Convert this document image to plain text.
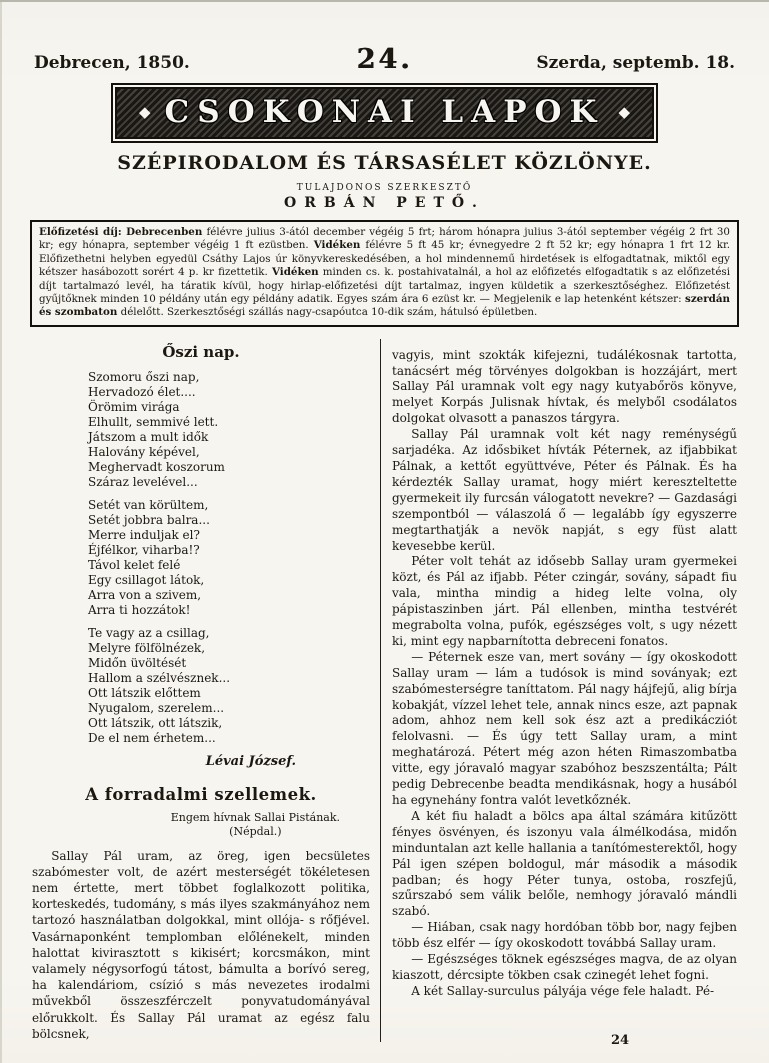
Debrecen, 1850.	24.	Szerda, septemb. 18.
◆ CSOKONAI LAPOK ◆
SZÉPIRODALOM ÉS TÁRSASÉLET KÖZLÖNYE.
TULAJDONOS SZERKESZTŐ
ORBÁN PETŐ.
Előfizetési díj: Debrecenben félévre julius 3-ától december végéig 5 frt; három hónapra julius 3-ától september végéig 2 frt 30 kr; egy hónapra, september végéig 1 ft ezüstben. Vidéken félévre 5 ft 45 kr; évnegyedre 2 ft 52 kr; egy hónapra 1 frt 12 kr. Előfizethetni helyben egyedül Csáthy Lajos úr könyvkereskedésében, a hol mindennemű hirdetések is elfogadtatnak, miktől egy kétszer hasábozott sorért 4 p. kr fizettetik. Vidéken minden cs. k. postahivatalnál, a hol az előfizetés elfogadtatik s az előfizetési díjt tartalmazó levél, ha táratik kívül, hogy hirlap-előfizetési díjt tartalmaz, ingyen küldetik a szerkesztőséghez. Előfizetést gyűjtőknek minden 10 példány után egy példány adatik. Egyes szám ára 6 ezüst kr. — Megjelenik e lap hetenként kétszer: szerdán és szombaton délelőtt. Szerkesztőségi szállás nagy-csapóutca 10-dik szám, hátulsó épületben.
Őszi nap.
Szomoru őszi nap,
Hervadozó élet....
Örömim virága
Elhullt, semmivé lett.
Játszom a mult idők
Halovány képével,
Meghervadt koszorum
Száraz levelével...
Setét van körültem,
Setét jobbra balra...
Merre induljak el?
Éjfélkor, viharba!?
Távol kelet felé
Egy csillagot látok,
Arra von a szivem,
Arra ti hozzátok!
Te vagy az a csillag,
Melyre fölfölnézek,
Midőn üvöltését
Hallom a szélvésznek...
Ott látszik előttem
Nyugalom, szerelem...
Ott látszik, ott látszik,
De el nem érhetem...
Lévai József.
A forradalmi szellemek.
Engem hívnak Sallai Pistának.
(Népdal.)

Sallay Pál uram, az öreg, igen becsületes szabómester volt, de azért mesterségét tökéletesen nem értette, mert többet foglalkozott politika, korteskedés, tudomány, s más ilyes szakmányához nem tartozó használatban dolgokkal, mint ollója- s rőfjével. Vasárnaponként templomban előlénekelt, minden halottat kivirasztott s kikisért; korcsmákon, mint valamely négysorfogú tátost, bámulta a borívó sereg, ha kalendáriom, csízió s más nevezetes irodalmi művekből összeszférczelt ponyvatudományával előrukkolt. És Sallay Pál uramat az egész falu bölcsnek,

vagyis, mint szokták kifejezni, tudálékosnak tartotta, tanácsért még törvényes dolgokban is hozzájárt, mert Sallay Pál uramnak volt egy nagy kutyabőrös könyve, melyet Korpás Julisnak hívtak, és melyből csodálatos dolgokat olvasott a panaszos tárgyra.

Sallay Pál uramnak volt két nagy reménységű sarjadéka. Az idősbiket hívták Péternek, az ifjabbikat Pálnak, a kettőt együttvéve, Péter és Pálnak. És ha kérdezték Sallay uramat, hogy miért kereszteltette gyermekeit ily furcsán válogatott nevekre? — Gazdasági szempontból — válaszolá ő — legalább így egyszerre megtarthatják a nevök napját, s egy füst alatt kevesebbe kerül.

Péter volt tehát az idősebb Sallay uram gyermekei közt, és Pál az ifjabb. Péter czingár, sovány, sápadt fiu vala, mintha mindig a hideg lelte volna, oly pápistaszinben járt. Pál ellenben, mintha testvérét megrabolta volna, pufók, egészséges volt, s ugy nézett ki, mint egy napbarnította debreceni fonatos.

— Péternek esze van, mert sovány — így okoskodott Sallay uram — lám a tudósok is mind soványak; ezt szabómesterségre taníttatom. Pál nagy hájfejű, alig bírja kobakját, vízzel lehet tele, annak nincs esze, azt papnak adom, ahhoz nem kell sok ész azt a predikácziót felolvasni. — És úgy tett Sallay uram, a mint meghatározá. Pétert még azon héten Rimaszombatba vitte, egy jóravaló magyar szabóhoz beszszentálta; Pált pedig Debrecenbe beadta mendikásnak, hogy a husából ha egynehány fontra valót levetkőznék.

A két fiu haladt a bölcs apa által számára kitűzött fényes ösvényen, és iszonyu vala álmélkodása, midőn minduntalan azt kelle hallania a tanítómesterektől, hogy Pál igen szépen boldogul, már második a második padban; és hogy Péter tunya, ostoba, roszfejű, szűrszabó sem válik belőle, nemhogy jóravaló mándli szabó.

— Hiában, csak nagy hordóban több bor, nagy fejben több ész elfér — így okoskodott továbbá Sallay uram.

— Egészséges töknek egészséges magva, de az olyan kiaszott, dércsipte tökben csak czinegét lehet fogni.

A két Sallay-surculus pályája vége fele haladt. Pé-

24
